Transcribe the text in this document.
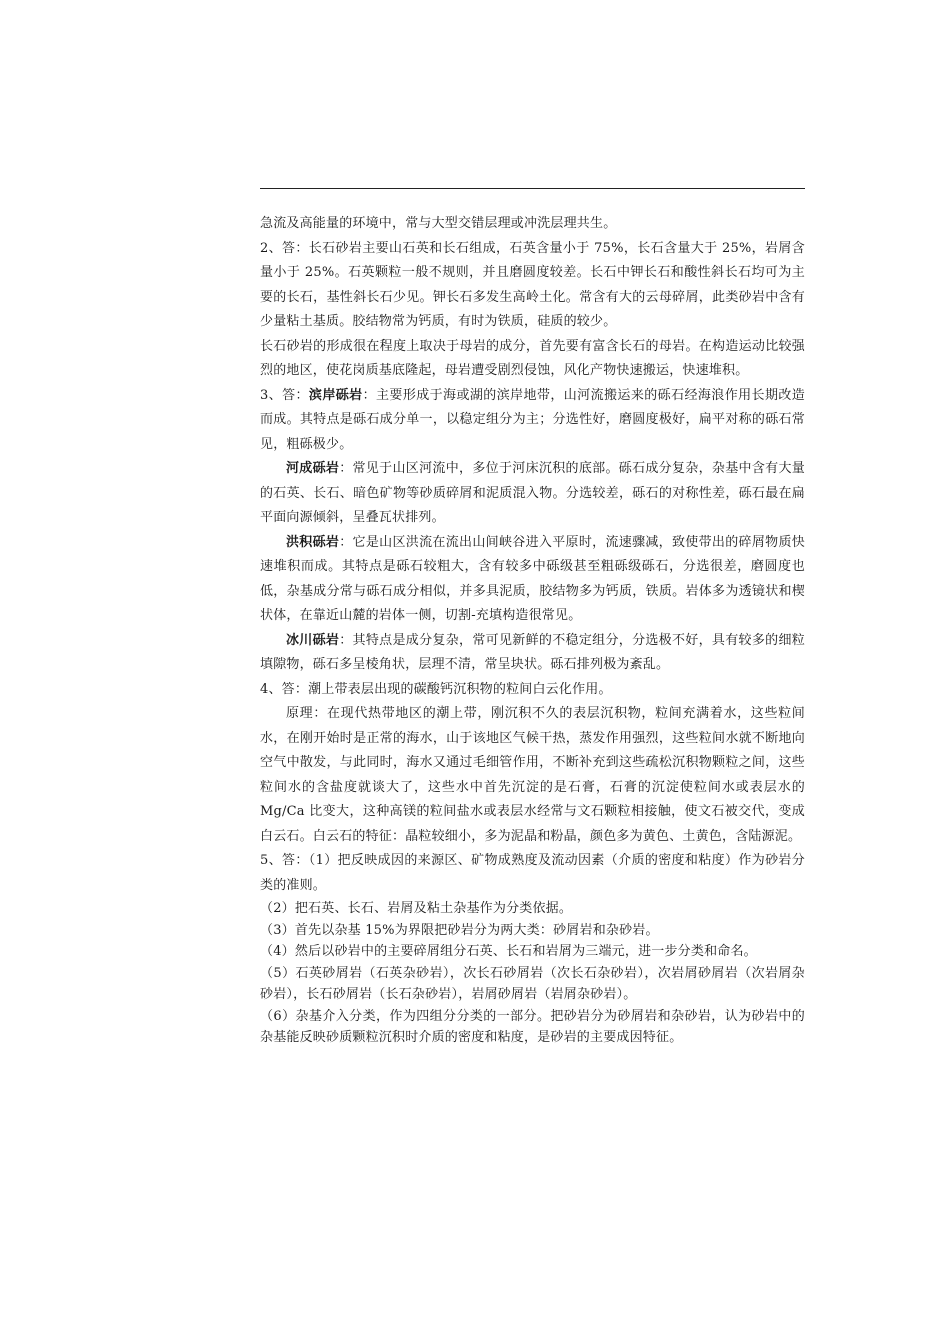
急流及高能量的环境中，常与大型交错层理或冲洗层理共生。

2、答：长石砂岩主要山石英和长石组成，石英含量小于 75%，长石含量大于 25%，岩屑含量小于 25%。石英颗粒一般不规则，并且磨圆度较差。长石中钾长石和酸性斜长石均可为主要的长石，基性斜长石少见。钾长石多发生高岭土化。常含有大的云母碎屑，此类砂岩中含有少量粘土基质。胶结物常为钙质，有时为铁质，硅质的较少。

长石砂岩的形成很在程度上取决于母岩的成分，首先要有富含长石的母岩。在构造运动比较强烈的地区，使花岗质基底隆起，母岩遭受剧烈侵蚀，风化产物快速搬运，快速堆积。

3、答：滨岸砾岩：主要形成于海或湖的滨岸地带，山河流搬运来的砾石经海浪作用长期改造而成。其特点是砾石成分单一，以稳定组分为主；分选性好，磨圆度极好，扁平对称的砾石常见，粗砾极少。

河成砾岩：常见于山区河流中，多位于河床沉积的底部。砾石成分复杂，杂基中含有大量的石英、长石、暗色矿物等砂质碎屑和泥质混入物。分选较差，砾石的对称性差，砾石最在扁平面向源倾斜，呈叠瓦状排列。

洪积砾岩：它是山区洪流在流出山间峡谷进入平原时，流速骤减，致使带出的碎屑物质快速堆积而成。其特点是砾石较粗大，含有较多中砾级甚至粗砾级砾石，分选很差，磨圆度也低，杂基成分常与砾石成分相似，并多具泥质，胶结物多为钙质，铁质。岩体多为透镜状和楔状体，在靠近山麓的岩体一侧，切割-充填构造很常见。

冰川砾岩：其特点是成分复杂，常可见新鲜的不稳定组分，分选极不好，具有较多的细粒填隙物，砾石多呈棱角状，层理不清，常呈块状。砾石排列极为紊乱。

4、答：潮上带表层出现的碳酸钙沉积物的粒间白云化作用。

原理：在现代热带地区的潮上带，刚沉积不久的表层沉积物，粒间充满着水，这些粒间水，在刚开始时是正常的海水，山于该地区气候干热，蒸发作用强烈，这些粒间水就不断地向空气中散发，与此同时，海水又通过毛细管作用，不断补充到这些疏松沉积物颗粒之间，这些粒间水的含盐度就谈大了，这些水中首先沉淀的是石膏，石膏的沉淀使粒间水或表层水的 Mg/Ca 比变大，这种高镁的粒间盐水或表层水经常与文石颗粒相接触，使文石被交代，变成白云石。白云石的特征：晶粒较细小，多为泥晶和粉晶，颜色多为黄色、土黄色，含陆源泥。

5、答：（1）把反映成因的来源区、矿物成熟度及流动因素（介质的密度和粘度）作为砂岩分类的准则。

（2）把石英、长石、岩屑及粘土杂基作为分类依据。

（3）首先以杂基 15%为界限把砂岩分为两大类：砂屑岩和杂砂岩。

（4）然后以砂岩中的主要碎屑组分石英、长石和岩屑为三端元，进一步分类和命名。

（5）石英砂屑岩（石英杂砂岩），次长石砂屑岩（次长石杂砂岩），次岩屑砂屑岩（次岩屑杂砂岩），长石砂屑岩（长石杂砂岩），岩屑砂屑岩（岩屑杂砂岩）。

（6）杂基介入分类，作为四组分分类的一部分。把砂岩分为砂屑岩和杂砂岩，认为砂岩中的杂基能反映砂质颗粒沉积时介质的密度和粘度，是砂岩的主要成因特征。
